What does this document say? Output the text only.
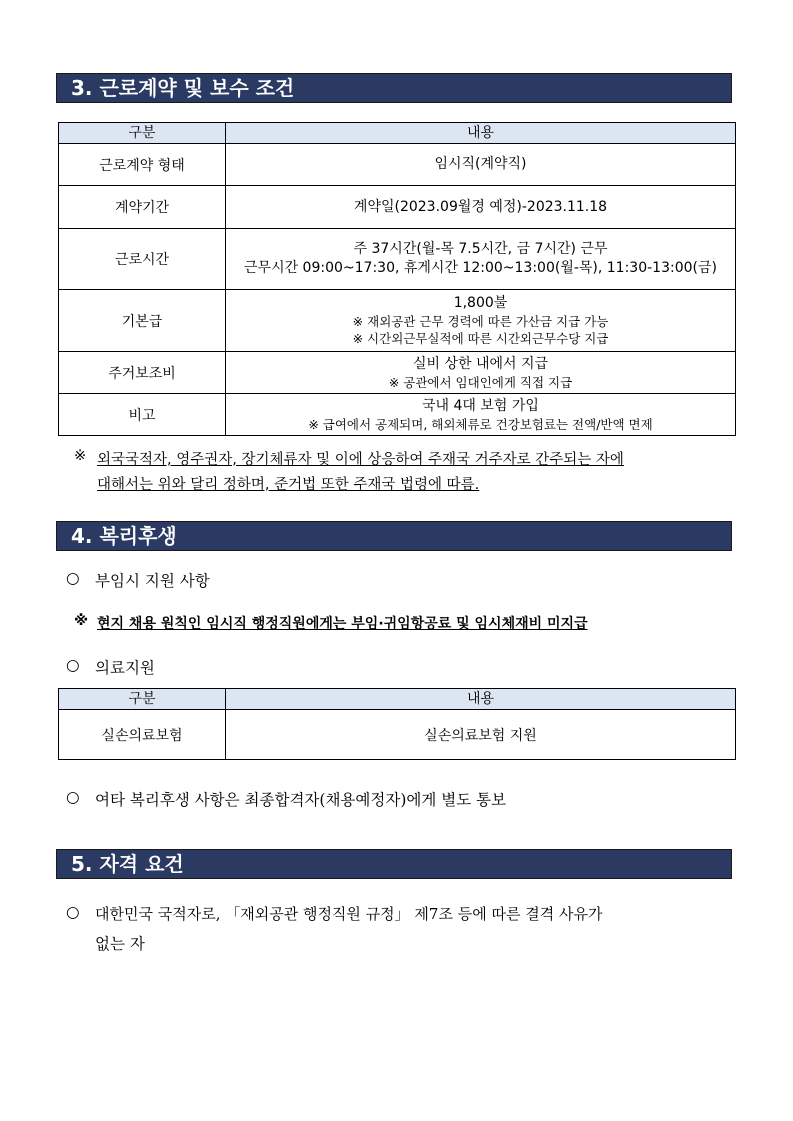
3. 근로계약 및 보수 조건
구분	내용
근로계약 형태	임시직(계약직)

계약기간	계약일(2023.09월경 예정)-2023.11.18

근로시간	주 37시간(월-목 7.5시간, 금 7시간) 근무
근무시간 09:00~17:30, 휴게시간 12:00~13:00(월-목), 11:30-13:00(금)

기본급	1,800불
※ 재외공관 근무 경력에 따른 가산금 지급 가능
※ 시간외근무실적에 따른 시간외근무수당 지급

주거보조비	실비 상한 내에서 지급
※ 공관에서 임대인에게 직접 지급

비고	국내 4대 보험 가입
※ 급여에서 공제되며, 해외체류로 건강보험료는 전액/반액 면제
※ 외국국적자, 영주권자, 장기체류자 및 이에 상응하여 주재국 거주자로 간주되는 자에
대해서는 위와 달리 정하며, 준거법 또한 주재국 법령에 따름.
4. 복리후생
○ 부임시 지원 사항
※ 현지 채용 원칙인 임시직 행정직원에게는 부임·귀임항공료 및 임시체재비 미지급
○ 의료지원
구분	내용
실손의료보험	실손의료보험 지원
○ 여타 복리후생 사항은 최종합격자(채용예정자)에게 별도 통보
5. 자격 요건
○ 대한민국 국적자로, 「재외공관 행정직원 규정」 제7조 등에 따른 결격 사유가
없는 자
